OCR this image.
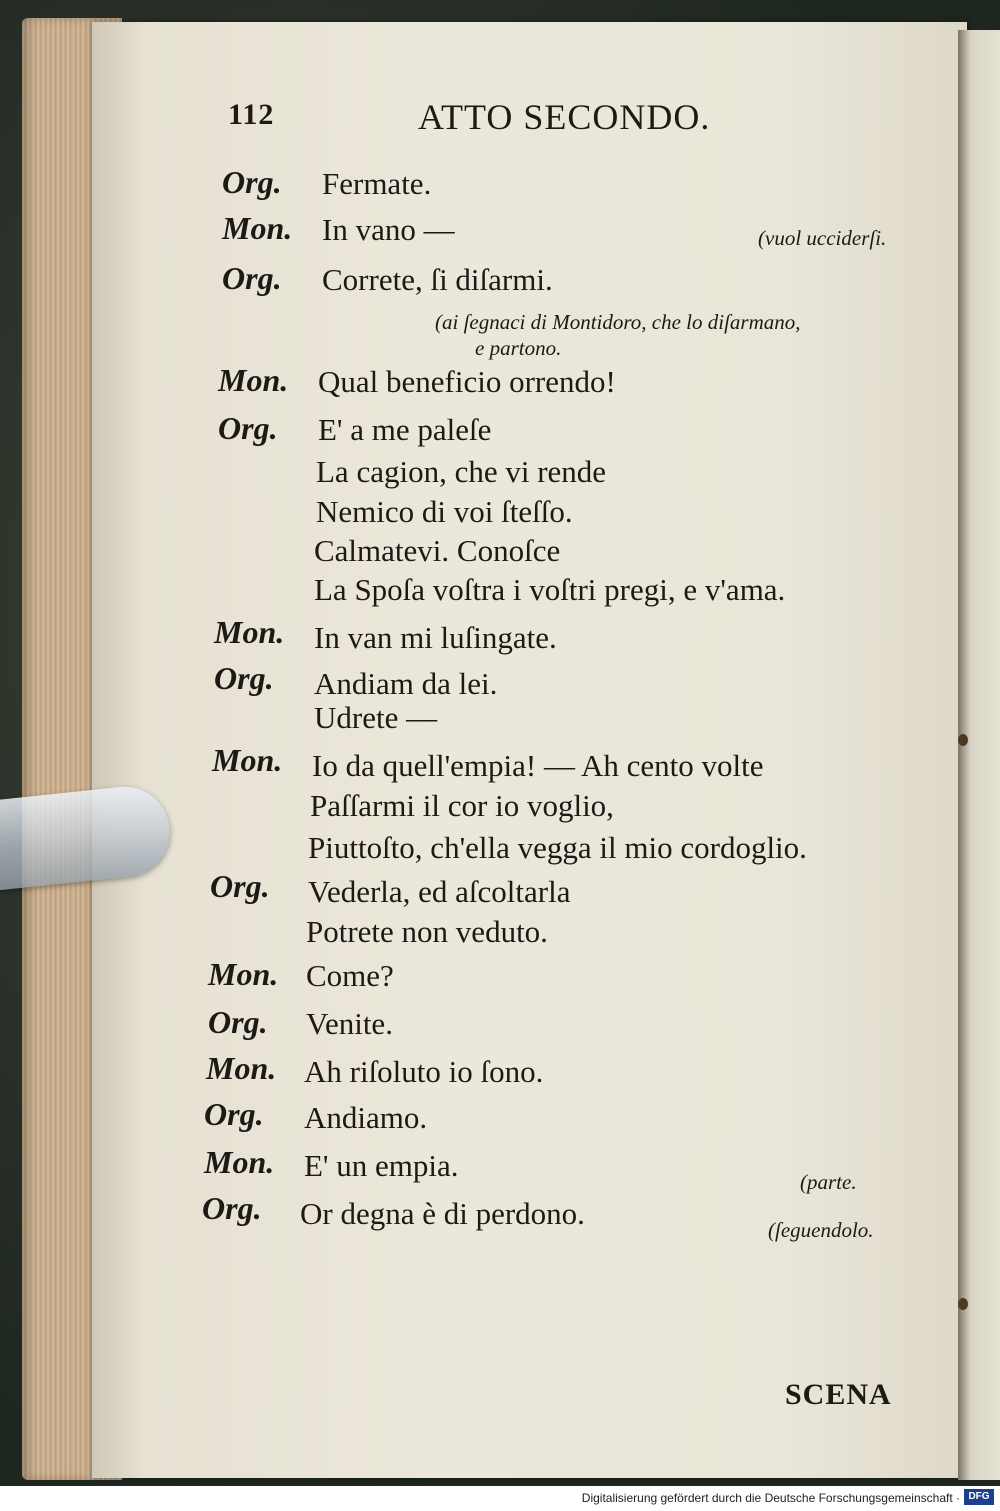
112	ATTO SECONDO.
Org. Fermate.
Mon. In vano —	(vuol ucciderſi.
Org. Correte, ſi diſarmi.
(ai ſegnaci di Montidoro, che lo diſarmano,
e partono.
Mon. Qual beneficio orrendo!
Org. E' a me paleſe
La cagion, che vi rende
Nemico di voi ſteſſo.
Calmatevi. Conoſce
La Spoſa voſtra i voſtri pregi, e v'ama.
Mon. In van mi luſingate.
Org. Andiam da lei.
Udrete —
Mon. Io da quell'empia! — Ah cento volte
Paſſarmi il cor io voglio,
Piuttoſto, ch'ella vegga il mio cordoglio.
Org. Vederla, ed aſcoltarla
Potrete non veduto.
Mon. Come?
Org. Venite.
Mon. Ah riſoluto io ſono.
Org. Andiamo.
Mon. E' un empia.	(parte.
Org. Or degna è di perdono.	(ſeguendolo.
SCENA
Digitalisierung gefördert durch die Deutsche Forschungsgemeinschaft · DFG
